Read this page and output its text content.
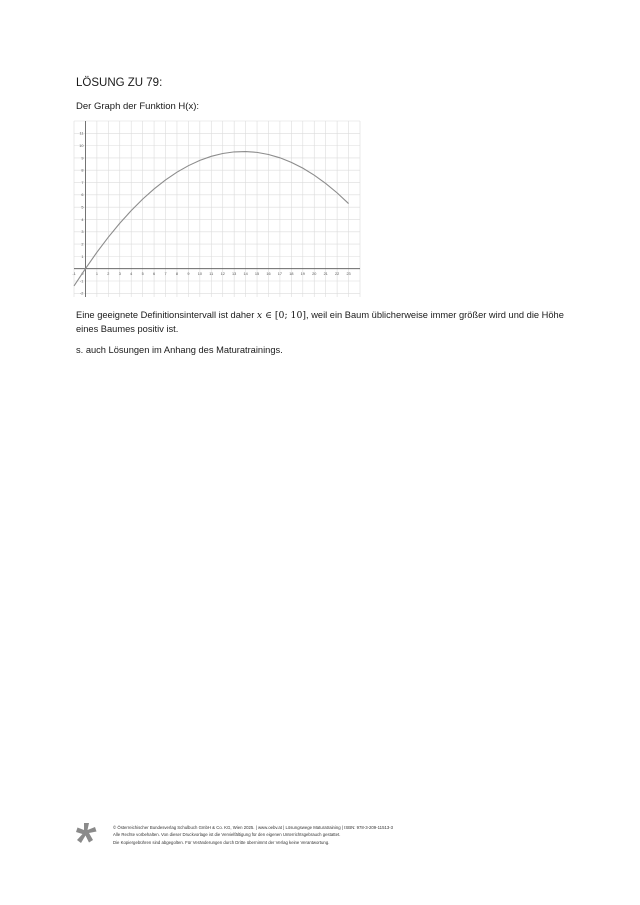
LÖSUNG ZU 79:
Der Graph der Funktion H(x):
-1	1 2 3 4 5 6 7 8 9 10 11 12 13 14 15 16 17 18 19 20 21 22 23
-2
-1
1
2
3
4
5
6
7
8
9
10
11
0
Eine geeignete Definitionsintervall ist daher x ∈ [0; 10], weil ein Baum üblicherweise immer größer wird und die Höhe eines Baumes positiv ist.
s. auch Lösungen im Anhang des Maturatrainings.
© Österreichischer Bundesverlag Schulbuch GmbH & Co. KG, Wien 2025. | www.oebv.at | Lösungswege Maturatraining | ISBN: 978-3-209-11513-3
Alle Rechte vorbehalten. Von dieser Druckvorlage ist die Vervielfältigung für den eigenen Unterrichtsgebrauch gestattet.
Die Kopiergebühren sind abgegolten. Für Veränderungen durch Dritte übernimmt der Verlag keine Verantwortung.
